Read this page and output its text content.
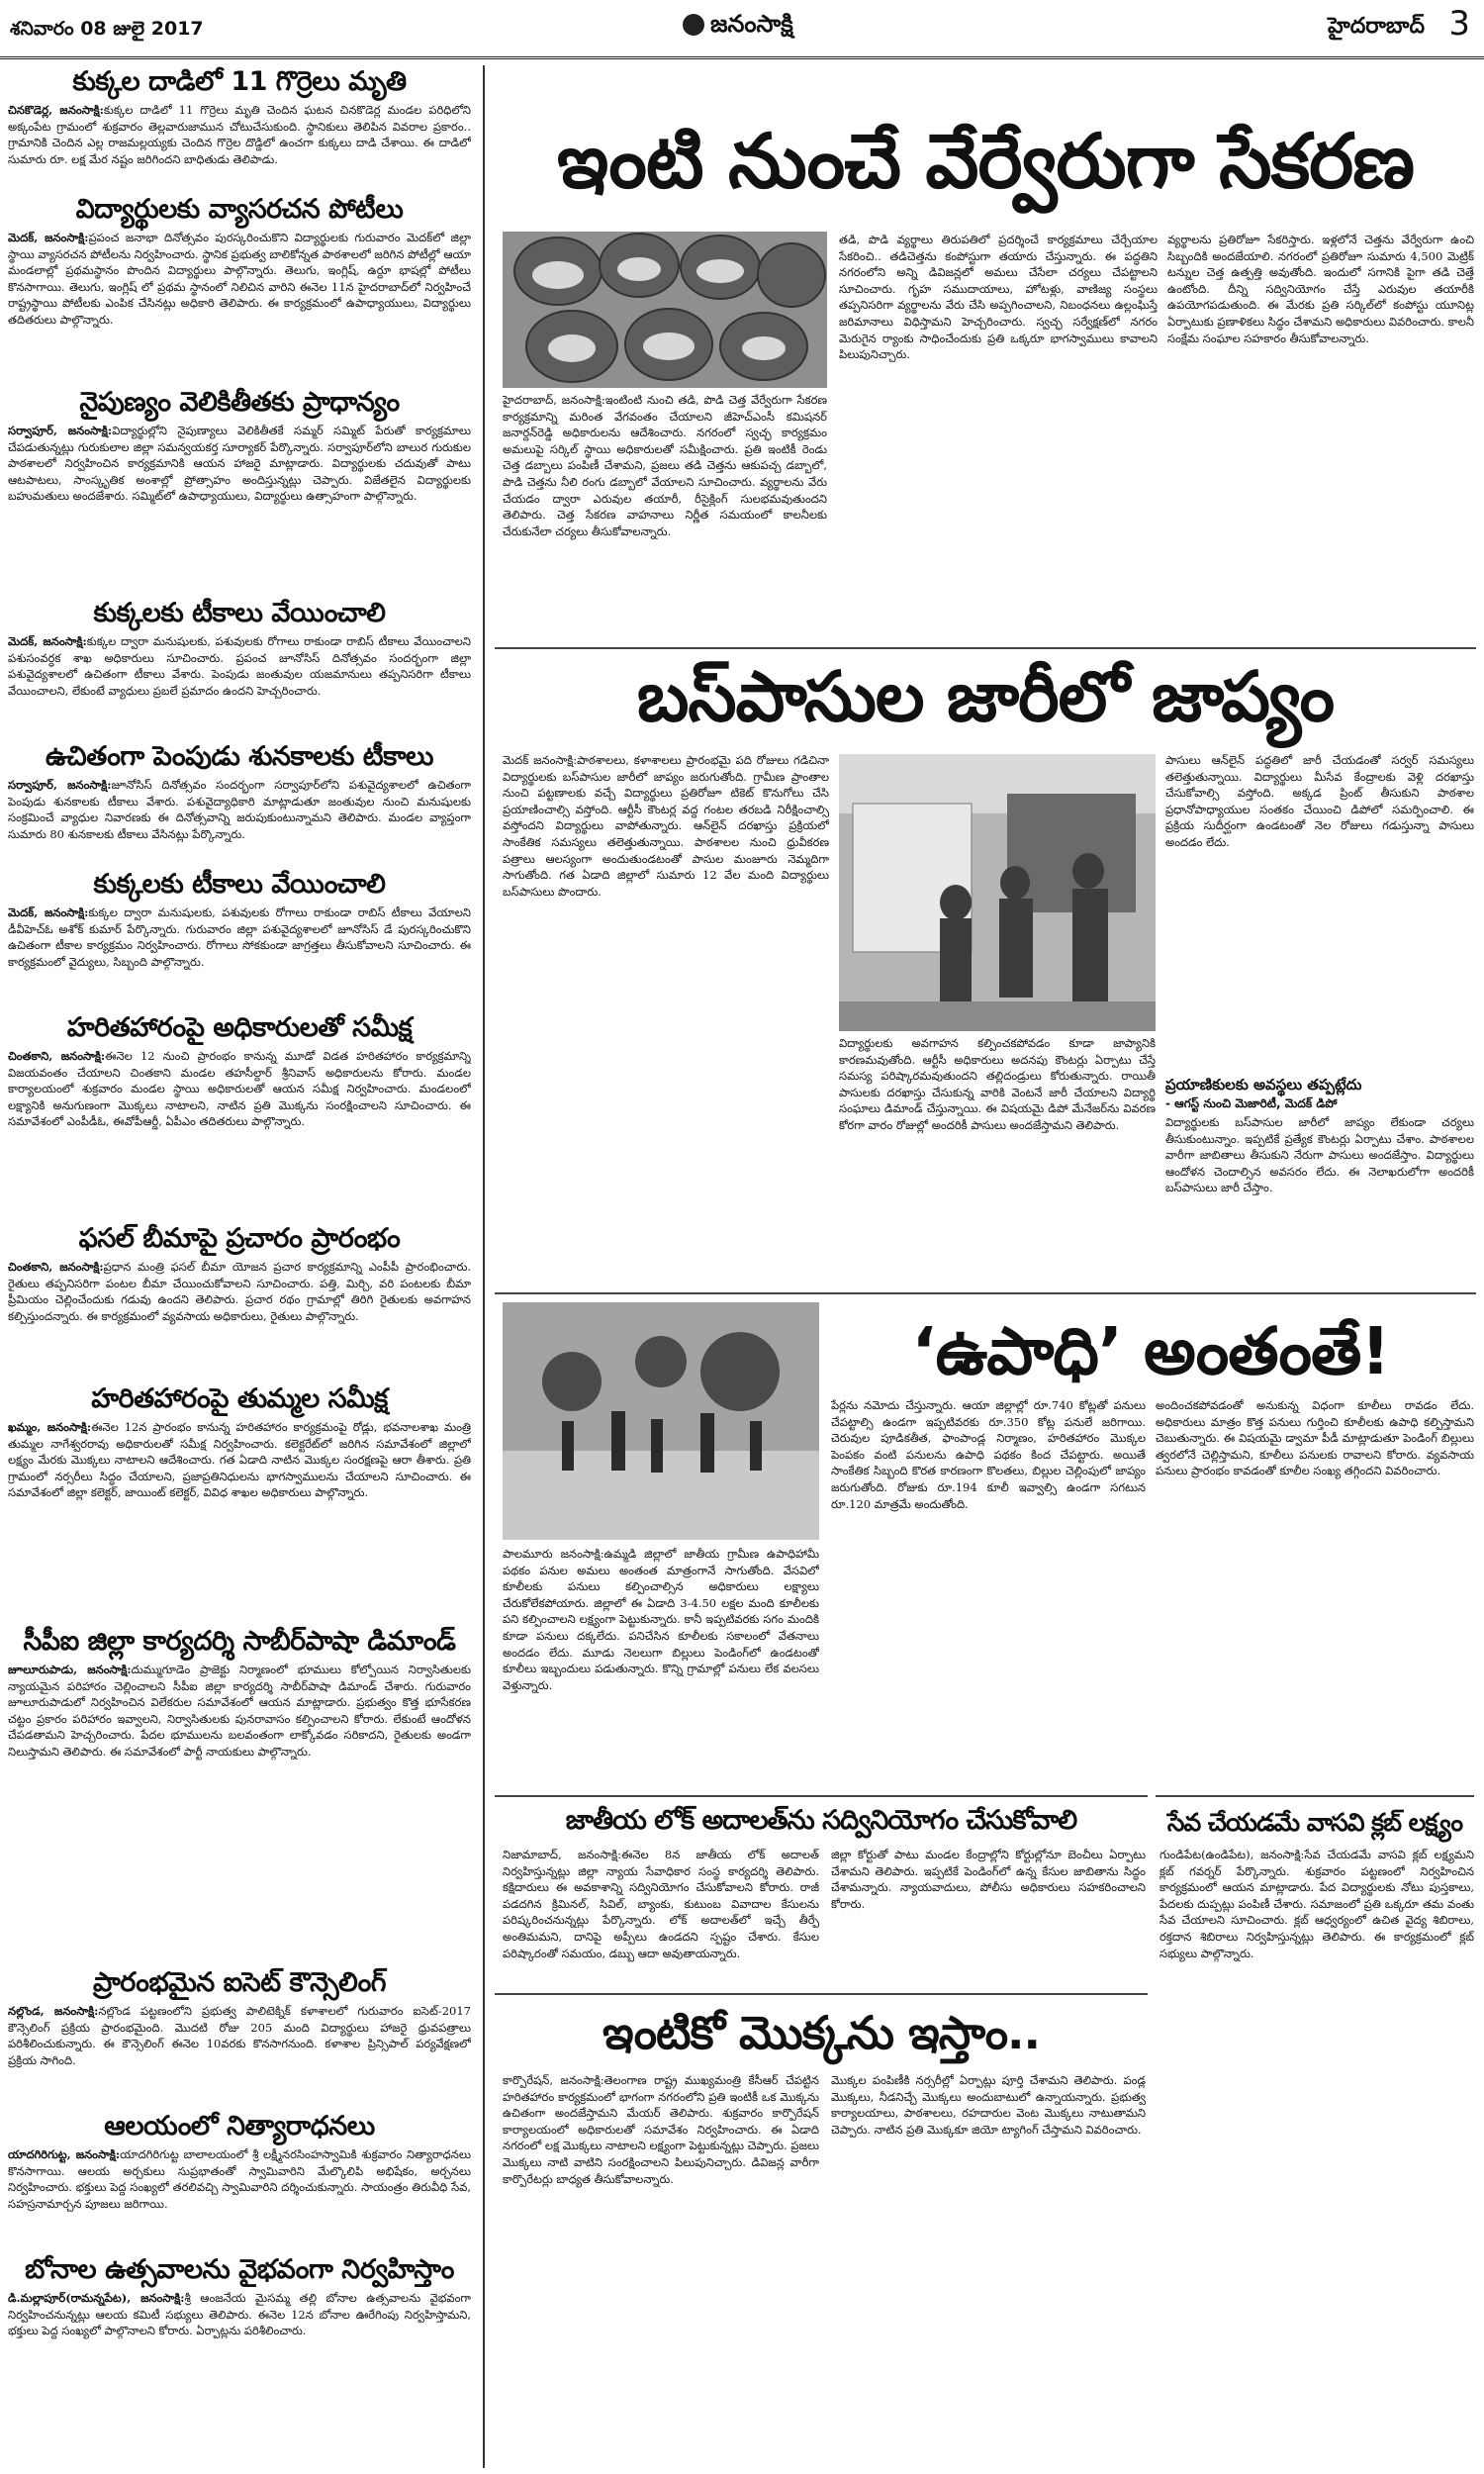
శనివారం 08 జులై 2017	జనంసాక్షి	హైదరాబాద్ 3
కుక్కల దాడిలో 11 గొర్రెలు మృతి
చినకొడెర్ల, జనంసాక్షి:కుక్కల దాడిలో 11 గొర్రెలు మృతి చెందిన ఘటన చినకొడెర్ల మండల పరిధిలోని అక్కంపేట గ్రామంలో శుక్రవారం తెల్లవారుజామున చోటుచేసుకుంది. స్థానికులు తెలిపిన వివరాల ప్రకారం.. గ్రామానికి చెందిన ఎల్ల రాజమల్లయ్యకు చెందిన గొర్రెల దొడ్డిలో ఉంచగా కుక్కలు దాడి చేశాయి. ఈ దాడిలో సుమారు రూ. లక్ష మేర నష్టం జరిగిందని బాధితుడు తెలిపాడు.
విద్యార్థులకు వ్యాసరచన పోటీలు
మెదక్, జనంసాక్షి:ప్రపంచ జనాభా దినోత్సవం పురస్కరించుకొని విద్యార్థులకు గురువారం మెదక్‌లో జిల్లా స్థాయి వ్యాసరచన పోటీలను నిర్వహించారు. స్థానిక ప్రభుత్వ బాలికోన్నత పాఠశాలలో జరిగిన పోటీల్లో ఆయా మండలాల్లో ప్రథమస్థానం పొందిన విద్యార్థులు పాల్గొన్నారు. తెలుగు, ఇంగ్లిష్, ఉర్దూ భాషల్లో పోటీలు కొనసాగాయి. తెలుగు, ఇంగ్లిష్ లో ప్రథమ స్థానంలో నిలిచిన వారిని ఈనెల 11న హైదరాబాద్‌లో నిర్వహించే రాష్ట్రస్థాయి పోటీలకు ఎంపిక చేసినట్లు అధికారి తెలిపారు. ఈ కార్యక్రమంలో ఉపాధ్యాయులు, విద్యార్థులు తదితరులు పాల్గొన్నారు.
నైపుణ్యం వెలికితీతకు ప్రాధాన్యం
సర్వాపూర్, జనంసాక్షి:విద్యార్థుల్లోని నైపుణ్యాలు వెలికితీతకే సమ్మర్ సమ్మిట్ పేరుతో కార్యక్రమాలు చేపడుతున్నట్లు గురుకులాల జిల్లా సమన్వయకర్త సూర్యాకర్ పేర్కొన్నారు. సర్వాపూర్‌లోని బాలుర గురుకుల పాఠశాలలో నిర్వహించిన కార్యక్రమానికి ఆయన హాజరై మాట్లాడారు. విద్యార్థులకు చదువుతో పాటు ఆటపాటలు, సాంస్కృతిక అంశాల్లో ప్రోత్సాహం అందిస్తున్నట్లు చెప్పారు. విజేతలైన విద్యార్థులకు బహుమతులు అందజేశారు. సమ్మిట్‌లో ఉపాధ్యాయులు, విద్యార్థులు ఉత్సాహంగా పాల్గొన్నారు.
కుక్కలకు టీకాలు వేయించాలి
మెదక్, జనంసాక్షి:కుక్కల ద్వారా మనుషులకు, పశువులకు రోగాలు రాకుండా రాబిస్ టీకాలు వేయించాలని పశుసంవర్ధక శాఖ అధికారులు సూచించారు. ప్రపంచ జూనోసిస్ దినోత్సవం సందర్భంగా జిల్లా పశువైద్యశాలలో ఉచితంగా టీకాలు వేశారు. పెంపుడు జంతువుల యజమానులు తప్పనిసరిగా టీకాలు వేయించాలని, లేకుంటే వ్యాధులు ప్రబలే ప్రమాదం ఉందని హెచ్చరించారు.
ఉచితంగా పెంపుడు శునకాలకు టీకాలు
సర్వాపూర్, జనంసాక్షి:జూనోసిస్ దినోత్సవం సందర్భంగా సర్వాపూర్‌లోని పశువైద్యశాలలో ఉచితంగా పెంపుడు శునకాలకు టీకాలు వేశారు. పశువైద్యాధికారి మాట్లాడుతూ జంతువుల నుంచి మనుషులకు సంక్రమించే వ్యాధుల నివారణకు ఈ దినోత్సవాన్ని జరుపుకుంటున్నామని తెలిపారు. మండల వ్యాప్తంగా సుమారు 80 శునకాలకు టీకాలు వేసినట్లు పేర్కొన్నారు.
కుక్కలకు టీకాలు వేయించాలి
మెదక్, జనంసాక్షి:కుక్కల ద్వారా మనుషులకు, పశువులకు రోగాలు రాకుండా రాబిస్ టీకాలు వేయాలని డీవీహెచ్‌ఓ అశోక్ కుమార్ పేర్కొన్నారు. గురువారం జిల్లా పశువైద్యశాలలో జూనోసిస్ డే పురస్కరించుకొని ఉచితంగా టీకాల కార్యక్రమం నిర్వహించారు. రోగాలు సోకకుండా జాగ్రత్తలు తీసుకోవాలని సూచించారు. ఈ కార్యక్రమంలో వైద్యులు, సిబ్బంది పాల్గొన్నారు.
హరితహారంపై అధికారులతో సమీక్ష
చింతకాని, జనంసాక్షి:ఈనెల 12 నుంచి ప్రారంభం కానున్న మూడో విడత హరితహారం కార్యక్రమాన్ని విజయవంతం చేయాలని చింతకాని మండల తహసీల్దార్ శ్రీనివాస్ అధికారులను కోరారు. మండల కార్యాలయంలో శుక్రవారం మండల స్థాయి అధికారులతో ఆయన సమీక్ష నిర్వహించారు. మండలంలో లక్ష్యానికి అనుగుణంగా మొక్కలు నాటాలని, నాటిన ప్రతి మొక్కను సంరక్షించాలని సూచించారు. ఈ సమావేశంలో ఎంపీడీఓ, ఈవోపీఆర్డీ, ఏపీఎం తదితరులు పాల్గొన్నారు.
ఫసల్ బీమాపై ప్రచారం ప్రారంభం
చింతకాని, జనంసాక్షి:ప్రధాన మంత్రి ఫసల్ బీమా యోజన ప్రచార కార్యక్రమాన్ని ఎంపీపీ ప్రారంభించారు. రైతులు తప్పనిసరిగా పంటల బీమా చేయించుకోవాలని సూచించారు. పత్తి, మిర్చి, వరి పంటలకు బీమా ప్రీమియం చెల్లించేందుకు గడువు ఉందని తెలిపారు. ప్రచార రథం గ్రామాల్లో తిరిగి రైతులకు అవగాహన కల్పిస్తుందన్నారు. ఈ కార్యక్రమంలో వ్యవసాయ అధికారులు, రైతులు పాల్గొన్నారు.
హరితహారంపై తుమ్మల సమీక్ష
ఖమ్మం, జనంసాక్షి:ఈనెల 12న ప్రారంభం కానున్న హరితహారం కార్యక్రమంపై రోడ్లు, భవనాలశాఖ మంత్రి తుమ్మల నాగేశ్వరరావు అధికారులతో సమీక్ష నిర్వహించారు. కలెక్టరేట్‌లో జరిగిన సమావేశంలో జిల్లాలో లక్ష్యం మేరకు మొక్కలు నాటాలని ఆదేశించారు. గత ఏడాది నాటిన మొక్కల సంరక్షణపై ఆరా తీశారు. ప్రతి గ్రామంలో నర్సరీలు సిద్ధం చేయాలని, ప్రజాప్రతినిధులను భాగస్వాములను చేయాలని సూచించారు. ఈ సమావేశంలో జిల్లా కలెక్టర్, జాయింట్ కలెక్టర్, వివిధ శాఖల అధికారులు పాల్గొన్నారు.
సీపీఐ జిల్లా కార్యదర్శి సాబీర్‌పాషా డిమాండ్
జూలూరుపాడు, జనంసాక్షి:దుమ్ముగూడెం ప్రాజెక్టు నిర్మాణంలో భూములు కోల్పోయిన నిర్వాసితులకు న్యాయమైన పరిహారం చెల్లించాలని సీపీఐ జిల్లా కార్యదర్శి సాబీర్‌పాషా డిమాండ్ చేశారు. గురువారం జూలూరుపాడులో నిర్వహించిన విలేకరుల సమావేశంలో ఆయన మాట్లాడారు. ప్రభుత్వం కొత్త భూసేకరణ చట్టం ప్రకారం పరిహారం ఇవ్వాలని, నిర్వాసితులకు పునరావాసం కల్పించాలని కోరారు. లేకుంటే ఆందోళన చేపడతామని హెచ్చరించారు. పేదల భూములను బలవంతంగా లాక్కోవడం సరికాదని, రైతులకు అండగా నిలుస్తామని తెలిపారు. ఈ సమావేశంలో పార్టీ నాయకులు పాల్గొన్నారు.
ప్రారంభమైన ఐసెట్ కౌన్సెలింగ్
నల్లొండ, జనంసాక్షి:నల్లొండ పట్టణంలోని ప్రభుత్వ పాలిటెక్నిక్ కళాశాలలో గురువారం ఐసెట్-2017 కౌన్సెలింగ్ ప్రక్రియ ప్రారంభమైంది. మొదటి రోజు 205 మంది విద్యార్థులు హాజరై ధ్రువపత్రాలు పరిశీలించుకున్నారు. ఈ కౌన్సెలింగ్ ఈనెల 10వరకు కొనసాగనుంది. కళాశాల ప్రిన్సిపాల్ పర్యవేక్షణలో ప్రక్రియ సాగింది.
ఆలయంలో నిత్యారాధనలు
యాదగిరిగుట్ట, జనంసాక్షి:యాదగిరిగుట్ట బాలాలయంలో శ్రీ లక్ష్మీనరసింహస్వామికి శుక్రవారం నిత్యారాధనలు కొనసాగాయి. ఆలయ అర్చకులు సుప్రభాతంతో స్వామివారిని మేల్కొలిపి అభిషేకం, అర్చనలు నిర్వహించారు. భక్తులు పెద్ద సంఖ్యలో తరలివచ్చి స్వామివారిని దర్శించుకున్నారు. సాయంత్రం తిరువీధి సేవ, సహస్రనామార్చన పూజలు జరిగాయి.
బోనాల ఉత్సవాలను వైభవంగా నిర్వహిస్తాం
డి.మల్లాపూర్(రామన్నపేట), జనంసాక్షి:శ్రీ ఆంజనేయ మైసమ్మ తల్లి బోనాల ఉత్సవాలను వైభవంగా నిర్వహించనున్నట్లు ఆలయ కమిటీ సభ్యులు తెలిపారు. ఈనెల 12న బోనాల ఊరేగింపు నిర్వహిస్తామని, భక్తులు పెద్ద సంఖ్యలో పాల్గొనాలని కోరారు. ఏర్పాట్లను పరిశీలించారు.
ఇంటి నుంచే వేర్వేరుగా సేకరణ
హైదరాబాద్, జనంసాక్షి:ఇంటింటి నుంచి తడి, పొడి చెత్త వేర్వేరుగా సేకరణ కార్యక్రమాన్ని మరింత వేగవంతం చేయాలని జీహెచ్ఎంసీ కమిషనర్ జనార్దన్‌రెడ్డి అధికారులను ఆదేశించారు. నగరంలో స్వచ్ఛ కార్యక్రమం అమలుపై సర్కిల్ స్థాయి అధికారులతో సమీక్షించారు. ప్రతి ఇంటికీ రెండు చెత్త డబ్బాలు పంపిణీ చేశామని, ప్రజలు తడి చెత్తను ఆకుపచ్చ డబ్బాలో, పొడి చెత్తను నీలి రంగు డబ్బాలో వేయాలని సూచించారు. వ్యర్థాలను వేరు చేయడం ద్వారా ఎరువుల తయారీ, రీసైక్లింగ్ సులభమవుతుందని తెలిపారు. చెత్త సేకరణ వాహనాలు నిర్ణీత సమయంలో కాలనీలకు చేరుకునేలా చర్యలు తీసుకోవాలన్నారు.
తడి, పొడి వ్యర్థాలు తిరుపతిలో ప్రదర్శించే కార్యక్రమాలు చేర్చేయాల సేకరించి.. తడిచెత్తను కంపోస్టుగా తయారు చేస్తున్నారు. ఈ పద్ధతిని నగరంలోని అన్ని డివిజన్లలో అమలు చేసేలా చర్యలు చేపట్టాలని సూచించారు. గృహ సముదాయాలు, హోటళ్లు, వాణిజ్య సంస్థలు తప్పనిసరిగా వ్యర్థాలను వేరు చేసి అప్పగించాలని, నిబంధనలు ఉల్లంఘిస్తే జరిమానాలు విధిస్తామని హెచ్చరించారు. స్వచ్ఛ సర్వేక్షణ్‌లో నగరం మెరుగైన ర్యాంకు సాధించేందుకు ప్రతి ఒక్కరూ భాగస్వాములు కావాలని పిలుపునిచ్చారు.
వ్యర్థాలను ప్రతిరోజూ సేకరిస్తారు. ఇళ్లలోనే చెత్తను వేర్వేరుగా ఉంచి సిబ్బందికి అందజేయాలి. నగరంలో ప్రతిరోజూ సుమారు 4,500 మెట్రిక్ టన్నుల చెత్త ఉత్పత్తి అవుతోంది. ఇందులో సగానికి పైగా తడి చెత్తే ఉంటోంది. దీన్ని సద్వినియోగం చేస్తే ఎరువుల తయారీకి ఉపయోగపడుతుంది. ఈ మేరకు ప్రతి సర్కిల్‌లో కంపోస్టు యూనిట్ల ఏర్పాటుకు ప్రణాళికలు సిద్ధం చేశామని అధికారులు వివరించారు. కాలనీ సంక్షేమ సంఘాల సహకారం తీసుకోవాలన్నారు.
బస్‌పాసుల జారీలో జాప్యం
మెదక్ జనంసాక్షి:పాఠశాలలు, కళాశాలలు ప్రారంభమై పది రోజులు గడిచినా విద్యార్థులకు బస్‌పాసుల జారీలో జాప్యం జరుగుతోంది. గ్రామీణ ప్రాంతాల నుంచి పట్టణాలకు వచ్చే విద్యార్థులు ప్రతిరోజూ టికెట్ కొనుగోలు చేసి ప్రయాణించాల్సి వస్తోంది. ఆర్టీసీ కౌంటర్ల వద్ద గంటల తరబడి నిరీక్షించాల్సి వస్తోందని విద్యార్థులు వాపోతున్నారు. ఆన్‌లైన్ దరఖాస్తు ప్రక్రియలో సాంకేతిక సమస్యలు తలెత్తుతున్నాయి. పాఠశాలల నుంచి ధ్రువీకరణ పత్రాలు ఆలస్యంగా అందుతుండటంతో పాసుల మంజూరు నెమ్మదిగా సాగుతోంది. గత ఏడాది జిల్లాలో సుమారు 12 వేల మంది విద్యార్థులు బస్‌పాసులు పొందారు.
విద్యార్థులకు అవగాహన కల్పించకపోవడం కూడా జాప్యానికి కారణమవుతోంది. ఆర్టీసీ అధికారులు అదనపు కౌంటర్లు ఏర్పాటు చేస్తే సమస్య పరిష్కారమవుతుందని తల్లిదండ్రులు కోరుతున్నారు. రాయితీ పాసులకు దరఖాస్తు చేసుకున్న వారికి వెంటనే జారీ చేయాలని విద్యార్థి సంఘాలు డిమాండ్ చేస్తున్నాయి. ఈ విషయమై డిపో మేనేజర్‌ను వివరణ కోరగా వారం రోజుల్లో అందరికీ పాసులు అందజేస్తామని తెలిపారు.
పాసులు ఆన్‌లైన్ పద్ధతిలో జారీ చేయడంతో సర్వర్ సమస్యలు తలెత్తుతున్నాయి. విద్యార్థులు మీసేవ కేంద్రాలకు వెళ్లి దరఖాస్తు చేసుకోవాల్సి వస్తోంది. అక్కడ ప్రింట్ తీసుకుని పాఠశాల ప్రధానోపాధ్యాయుల సంతకం చేయించి డిపోలో సమర్పించాలి. ఈ ప్రక్రియ సుదీర్ఘంగా ఉండటంతో నెల రోజులు గడుస్తున్నా పాసులు అందడం లేదు.
ప్రయాణికులకు అవస్థలు తప్పట్లేదు
- ఆగస్ట్ నుంచి మెజారిటీ, మెదక్ డిపో
విద్యార్థులకు బస్‌పాసుల జారీలో జాప్యం లేకుండా చర్యలు తీసుకుంటున్నాం. ఇప్పటికే ప్రత్యేక కౌంటర్లు ఏర్పాటు చేశాం. పాఠశాలల వారీగా జాబితాలు తీసుకుని నేరుగా పాసులు అందజేస్తాం. విద్యార్థులు ఆందోళన చెందాల్సిన అవసరం లేదు. ఈ నెలాఖరులోగా అందరికీ బస్‌పాసులు జారీ చేస్తాం.
‘ఉపాధి’ అంతంతే!
పాలమూరు జనంసాక్షి:ఉమ్మడి జిల్లాలో జాతీయ గ్రామీణ ఉపాధిహామీ పథకం పనుల అమలు అంతంత మాత్రంగానే సాగుతోంది. వేసవిలో కూలీలకు పనులు కల్పించాల్సిన అధికారులు లక్ష్యాలు చేరుకోలేకపోయారు. జిల్లాలో ఈ ఏడాది 3-4.50 లక్షల మంది కూలీలకు పని కల్పించాలని లక్ష్యంగా పెట్టుకున్నారు. కానీ ఇప్పటివరకు సగం మందికి కూడా పనులు దక్కలేదు. పనిచేసిన కూలీలకు సకాలంలో వేతనాలు అందడం లేదు. మూడు నెలలుగా బిల్లులు పెండింగ్‌లో ఉండటంతో కూలీలు ఇబ్బందులు పడుతున్నారు. కొన్ని గ్రామాల్లో పనులు లేక వలసలు వెళ్తున్నారు.
పేర్లను నమోదు చేస్తున్నారు. ఆయా జిల్లాల్లో రూ.740 కోట్లతో పనులు చేపట్టాల్సి ఉండగా ఇప్పటివరకు రూ.350 కోట్ల పనులే జరిగాయి. చెరువుల పూడికతీత, ఫాంపాండ్ల నిర్మాణం, హరితహారం మొక్కల పెంపకం వంటి పనులను ఉపాధి పథకం కింద చేపట్టారు. అయితే సాంకేతిక సిబ్బంది కొరత కారణంగా కొలతలు, బిల్లుల చెల్లింపులో జాప్యం జరుగుతోంది. రోజుకు రూ.194 కూలీ ఇవ్వాల్సి ఉండగా సగటున రూ.120 మాత్రమే అందుతోంది.
అందించకపోవడంతో అనుకున్న విధంగా కూలీలు రావడం లేదు. అధికారులు మాత్రం కొత్త పనులు గుర్తించి కూలీలకు ఉపాధి కల్పిస్తామని చెబుతున్నారు. ఈ విషయమై డ్వామా పీడీ మాట్లాడుతూ పెండింగ్ బిల్లులు త్వరలోనే చెల్లిస్తామని, కూలీలు పనులకు రావాలని కోరారు. వ్యవసాయ పనులు ప్రారంభం కావడంతో కూలీల సంఖ్య తగ్గిందని వివరించారు.
జాతీయ లోక్ అదాలత్‌ను సద్వినియోగం చేసుకోవాలి
నిజామాబాద్, జనంసాక్షి:ఈనెల 8న జాతీయ లోక్ అదాలత్ నిర్వహిస్తున్నట్లు జిల్లా న్యాయ సేవాధికార సంస్థ కార్యదర్శి తెలిపారు. కక్షిదారులు ఈ అవకాశాన్ని సద్వినియోగం చేసుకోవాలని కోరారు. రాజీ పడదగిన క్రిమినల్, సివిల్, బ్యాంకు, కుటుంబ వివాదాల కేసులను పరిష్కరించనున్నట్లు పేర్కొన్నారు. లోక్ అదాలత్‌లో ఇచ్చే తీర్పే అంతిమమని, దానిపై అప్పీలు ఉండదని స్పష్టం చేశారు. కేసుల పరిష్కారంతో సమయం, డబ్బు ఆదా అవుతాయన్నారు.
జిల్లా కోర్టుతో పాటు మండల కేంద్రాల్లోని కోర్టుల్లోనూ బెంచీలు ఏర్పాటు చేశామని తెలిపారు. ఇప్పటికే పెండింగ్‌లో ఉన్న కేసుల జాబితాను సిద్ధం చేశామన్నారు. న్యాయవాదులు, పోలీసు అధికారులు సహకరించాలని కోరారు.
సేవ చేయడమే వాసవి క్లబ్ లక్ష్యం
గుండిపేట(ఉండిపేట), జనంసాక్షి:సేవ చేయడమే వాసవి క్లబ్ లక్ష్యమని క్లబ్ గవర్నర్ పేర్కొన్నారు. శుక్రవారం పట్టణంలో నిర్వహించిన కార్యక్రమంలో ఆయన మాట్లాడారు. పేద విద్యార్థులకు నోటు పుస్తకాలు, పేదలకు దుప్పట్లు పంపిణీ చేశారు. సమాజంలో ప్రతి ఒక్కరూ తమ వంతు సేవ చేయాలని సూచించారు. క్లబ్ ఆధ్వర్యంలో ఉచిత వైద్య శిబిరాలు, రక్తదాన శిబిరాలు నిర్వహిస్తున్నట్లు తెలిపారు. ఈ కార్యక్రమంలో క్లబ్ సభ్యులు పాల్గొన్నారు.
ఇంటికో మొక్కను ఇస్తాం..
కార్పొరేషన్, జనంసాక్షి:తెలంగాణ రాష్ట్ర ముఖ్యమంత్రి కేసీఆర్ చేపట్టిన హరితహారం కార్యక్రమంలో భాగంగా నగరంలోని ప్రతి ఇంటికీ ఒక మొక్కను ఉచితంగా అందజేస్తామని మేయర్ తెలిపారు. శుక్రవారం కార్పొరేషన్ కార్యాలయంలో అధికారులతో సమావేశం నిర్వహించారు. ఈ ఏడాది నగరంలో లక్ష మొక్కలు నాటాలని లక్ష్యంగా పెట్టుకున్నట్లు చెప్పారు. ప్రజలు మొక్కలు నాటి వాటిని సంరక్షించాలని పిలుపునిచ్చారు. డివిజన్ల వారీగా కార్పొరేటర్లు బాధ్యత తీసుకోవాలన్నారు.
మొక్కల పంపిణీకి నర్సరీల్లో ఏర్పాట్లు పూర్తి చేశామని తెలిపారు. పండ్ల మొక్కలు, నీడనిచ్చే మొక్కలు అందుబాటులో ఉన్నాయన్నారు. ప్రభుత్వ కార్యాలయాలు, పాఠశాలలు, రహదారుల వెంట మొక్కలు నాటుతామని చెప్పారు. నాటిన ప్రతి మొక్కకూ జియో ట్యాగింగ్ చేస్తామని వివరించారు.
